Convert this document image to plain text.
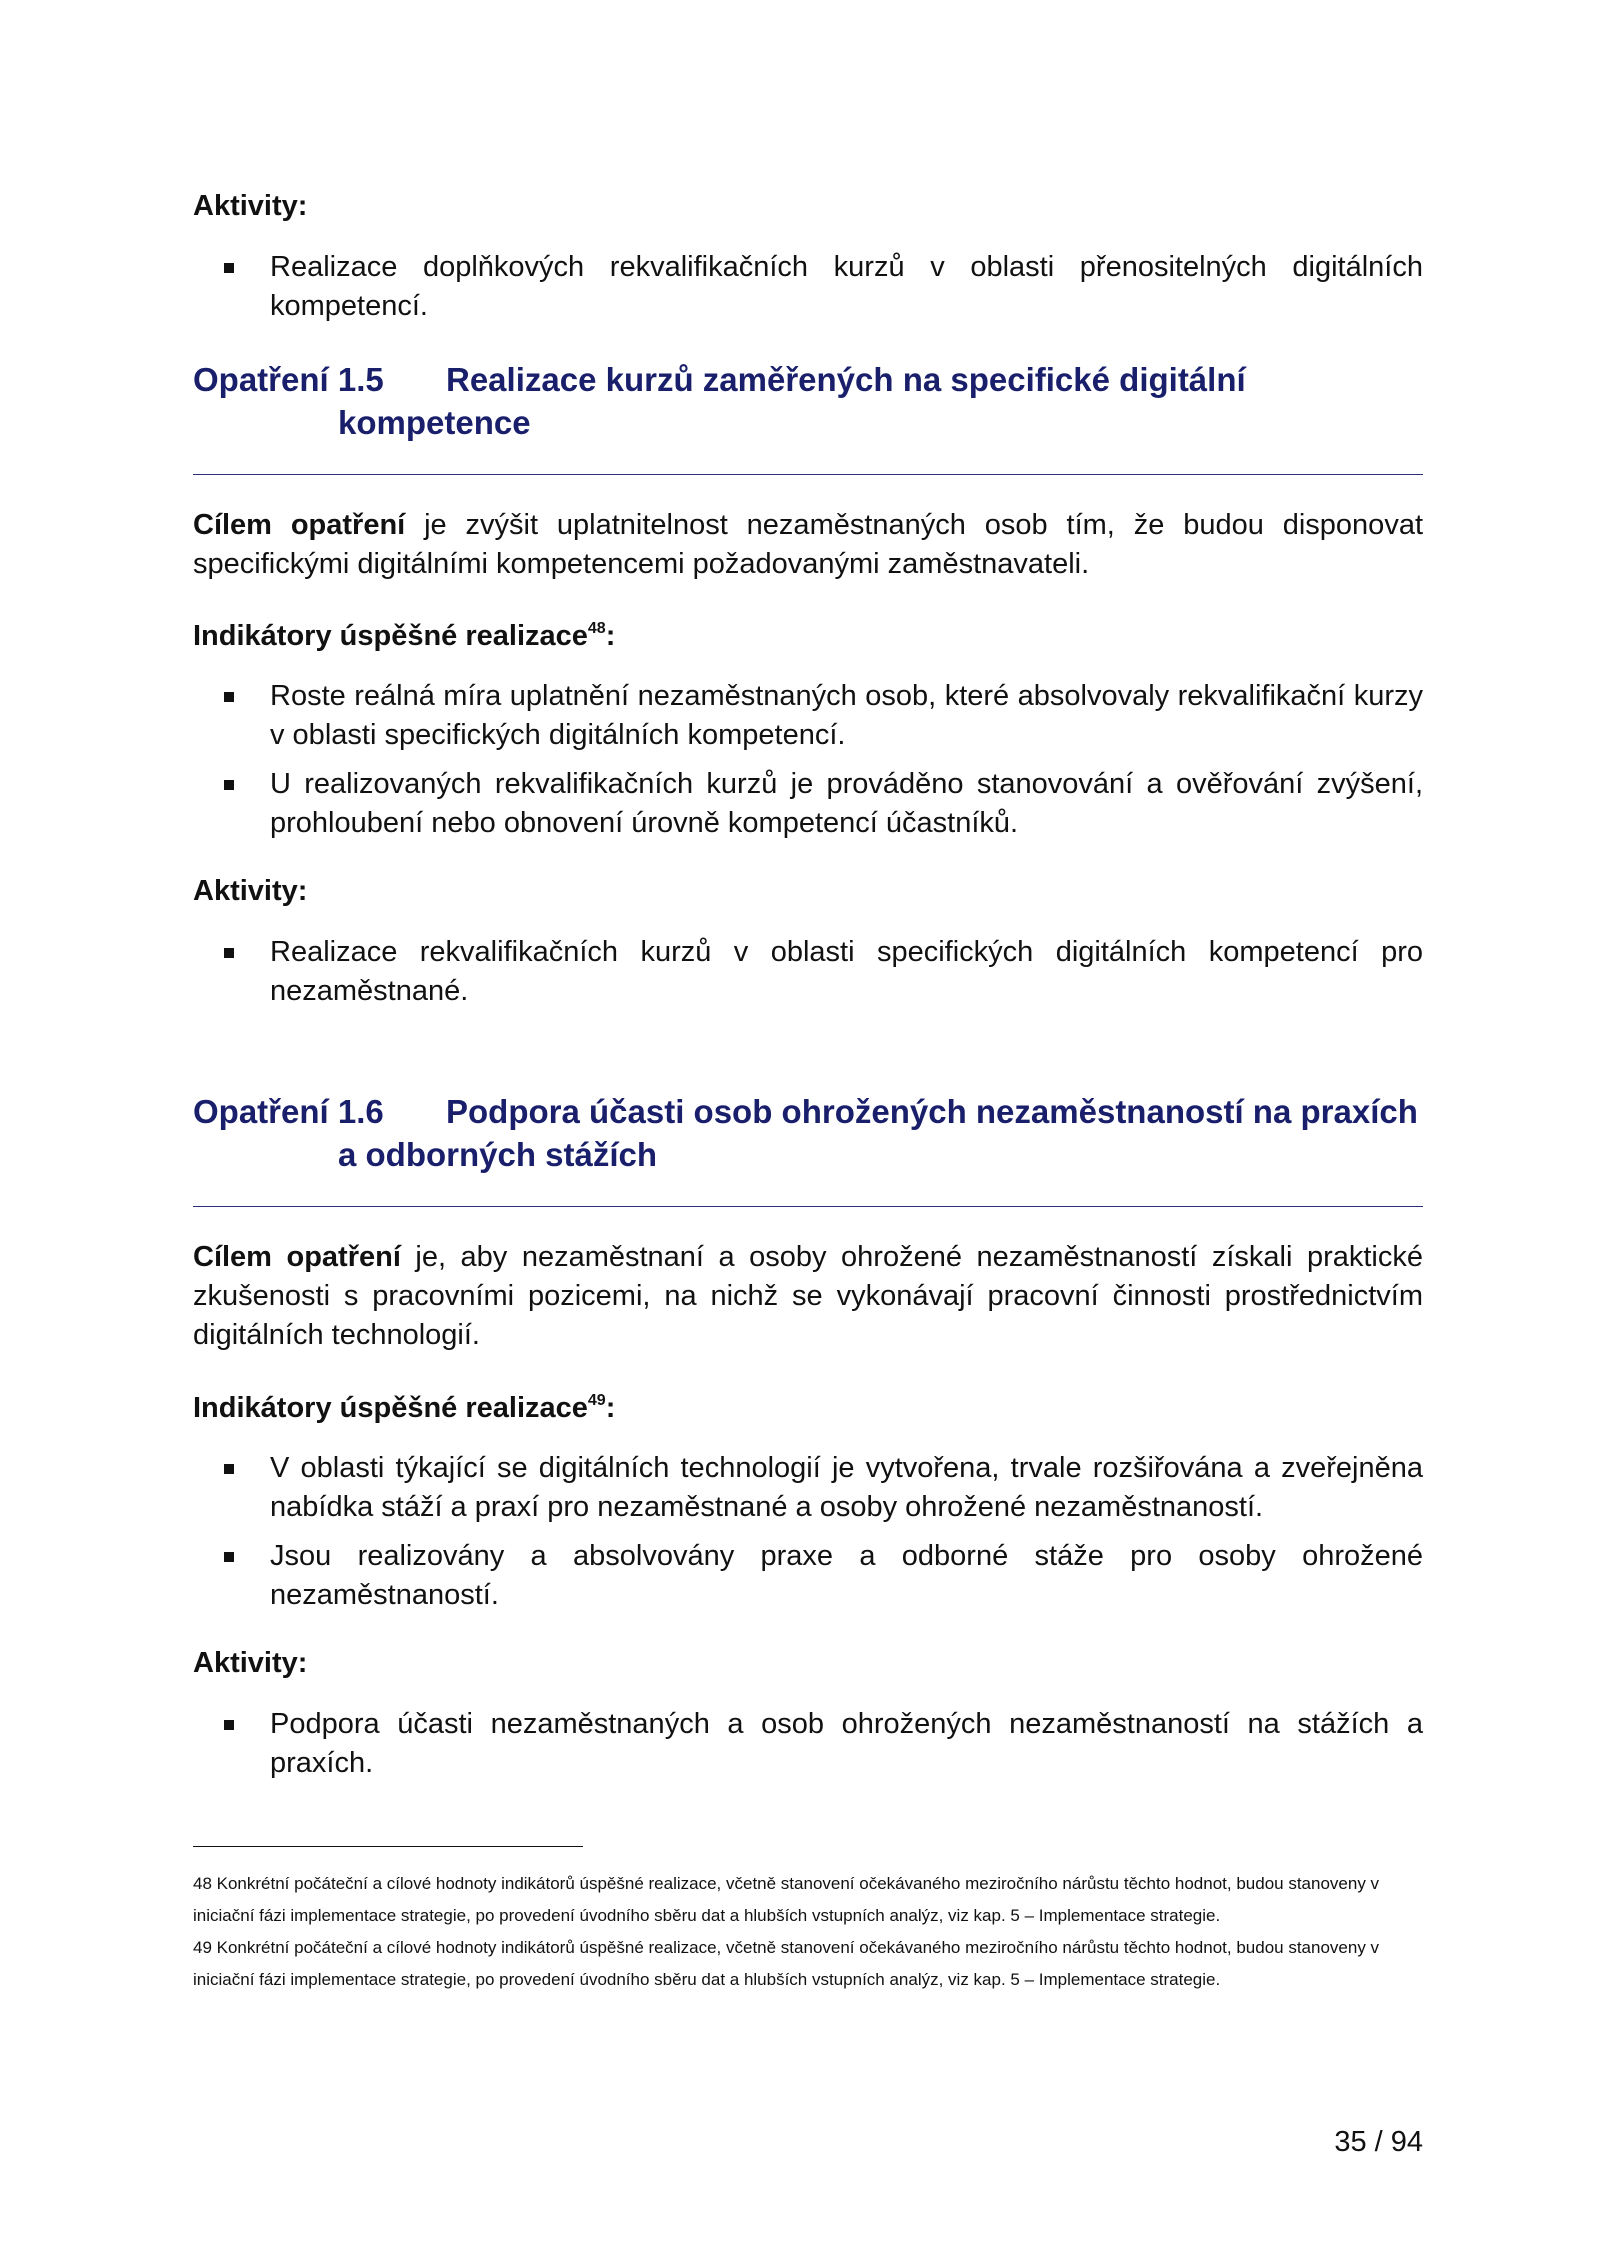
Aktivity:

Realizace doplňkových rekvalifikačních kurzů v oblasti přenositelných digitálních kompetencí.
Opatření 1.5 Realizace kurzů zaměřených na specifické digitální
kompetence

Cílem opatření je zvýšit uplatnitelnost nezaměstnaných osob tím, že budou disponovat specifickými digitálními kompetencemi požadovanými zaměstnavateli.

Indikátory úspěšné realizace$^{48}$:

Roste reálná míra uplatnění nezaměstnaných osob, které absolvovaly rekvalifikační kurzy v oblasti specifických digitálních kompetencí.
U realizovaných rekvalifikačních kurzů je prováděno stanovování a ověřování zvýšení, prohloubení nebo obnovení úrovně kompetencí účastníků.

Aktivity:

Realizace rekvalifikačních kurzů v oblasti specifických digitálních kompetencí pro nezaměstnané.
Opatření 1.6 Podpora účasti osob ohrožených nezaměstnaností na praxích
a odborných stážích

Cílem opatření je, aby nezaměstnaní a osoby ohrožené nezaměstnaností získali praktické zkušenosti s pracovními pozicemi, na nichž se vykonávají pracovní činnosti prostřednictvím digitálních technologií.

Indikátory úspěšné realizace$^{49}$:

V oblasti týkající se digitálních technologií je vytvořena, trvale rozšiřována a zveřejněna nabídka stáží a praxí pro nezaměstnané a osoby ohrožené nezaměstnaností.
Jsou realizovány a absolvovány praxe a odborné stáže pro osoby ohrožené nezaměstnaností.

Aktivity:

Podpora účasti nezaměstnaných a osob ohrožených nezaměstnaností na stážích a praxích.

48 Konkrétní počáteční a cílové hodnoty indikátorů úspěšné realizace, včetně stanovení očekávaného meziročního nárůstu těchto hodnot, budou stanoveny v iniciační fázi implementace strategie, po provedení úvodního sběru dat a hlubších vstupních analýz, viz kap. 5 – Implementace strategie.

49 Konkrétní počáteční a cílové hodnoty indikátorů úspěšné realizace, včetně stanovení očekávaného meziročního nárůstu těchto hodnot, budou stanoveny v iniciační fázi implementace strategie, po provedení úvodního sběru dat a hlubších vstupních analýz, viz kap. 5 – Implementace strategie.

35 / 94
